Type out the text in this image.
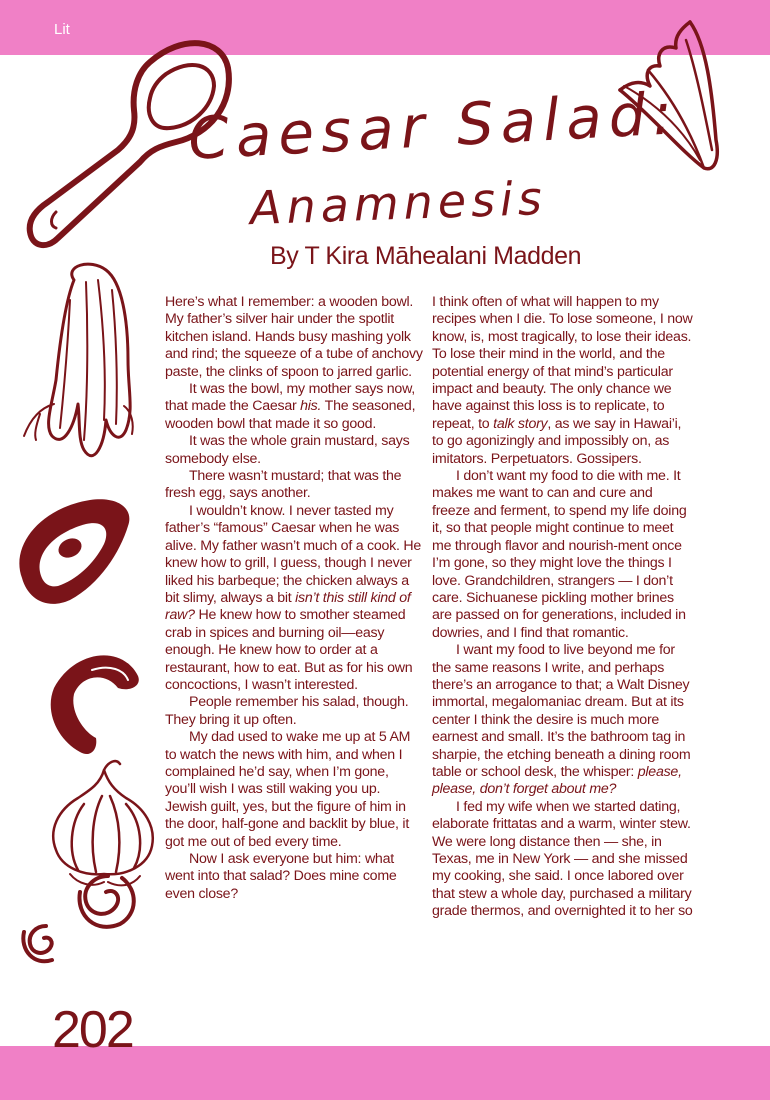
Lit
Caesar Salad:
Anamnesis

By T Kira Māhealani Madden

Here’s what I remember: a wooden bowl. My father’s silver hair under the spotlit kitchen island. Hands busy mashing yolk and rind; the squeeze of a tube of anchovy paste, the clinks of spoon to jarred garlic.

It was the bowl, my mother says now, that made the Caesar his. The seasoned, wooden bowl that made it so good.

It was the whole grain mustard, says somebody else.

There wasn’t mustard; that was the fresh egg, says another.

I wouldn’t know. I never tasted my father’s “famous” Caesar when he was alive. My father wasn’t much of a cook. He knew how to grill, I guess, though I never liked his barbeque; the chicken always a bit slimy, always a bit isn’t this still kind of raw? He knew how to smother steamed crab in spices and burning oil—easy enough. He knew how to order at a restaurant, how to eat. But as for his own concoctions, I wasn’t interested.

People remember his salad, though. They bring it up often.

My dad used to wake me up at 5 AM to watch the news with him, and when I complained he’d say, when I’m gone, you’ll wish I was still waking you up. Jewish guilt, yes, but the figure of him in the door, half-gone and backlit by blue, it got me out of bed every time.

Now I ask everyone but him: what went into that salad? Does mine come even close?

I think often of what will happen to my recipes when I die. To lose someone, I now know, is, most tragically, to lose their ideas. To lose their mind in the world, and the potential energy of that mind’s particular impact and beauty. The only chance we have against this loss is to replicate, to repeat, to talk story, as we say in Hawai’i, to go agonizingly and impossibly on, as imitators. Perpetuators. Gossipers.

I don’t want my food to die with me. It makes me want to can and cure and freeze and ferment, to spend my life doing it, so that people might continue to meet me through flavor and nourish-ment once I’m gone, so they might love the things I love. Grandchildren, strangers — I don’t care. Sichuanese pickling mother brines are passed on for generations, included in dowries, and I find that romantic.

I want my food to live beyond me for the same reasons I write, and perhaps there’s an arrogance to that; a Walt Disney immortal, megalomaniac dream. But at its center I think the desire is much more earnest and small. It’s the bathroom tag in sharpie, the etching beneath a dining room table or school desk, the whisper: please, please, don’t forget about me?

I fed my wife when we started dating, elaborate frittatas and a warm, winter stew. We were long distance then — she, in Texas, me in New York — and she missed my cooking, she said. I once labored over that stew a whole day, purchased a military grade thermos, and overnighted it to her so

202
